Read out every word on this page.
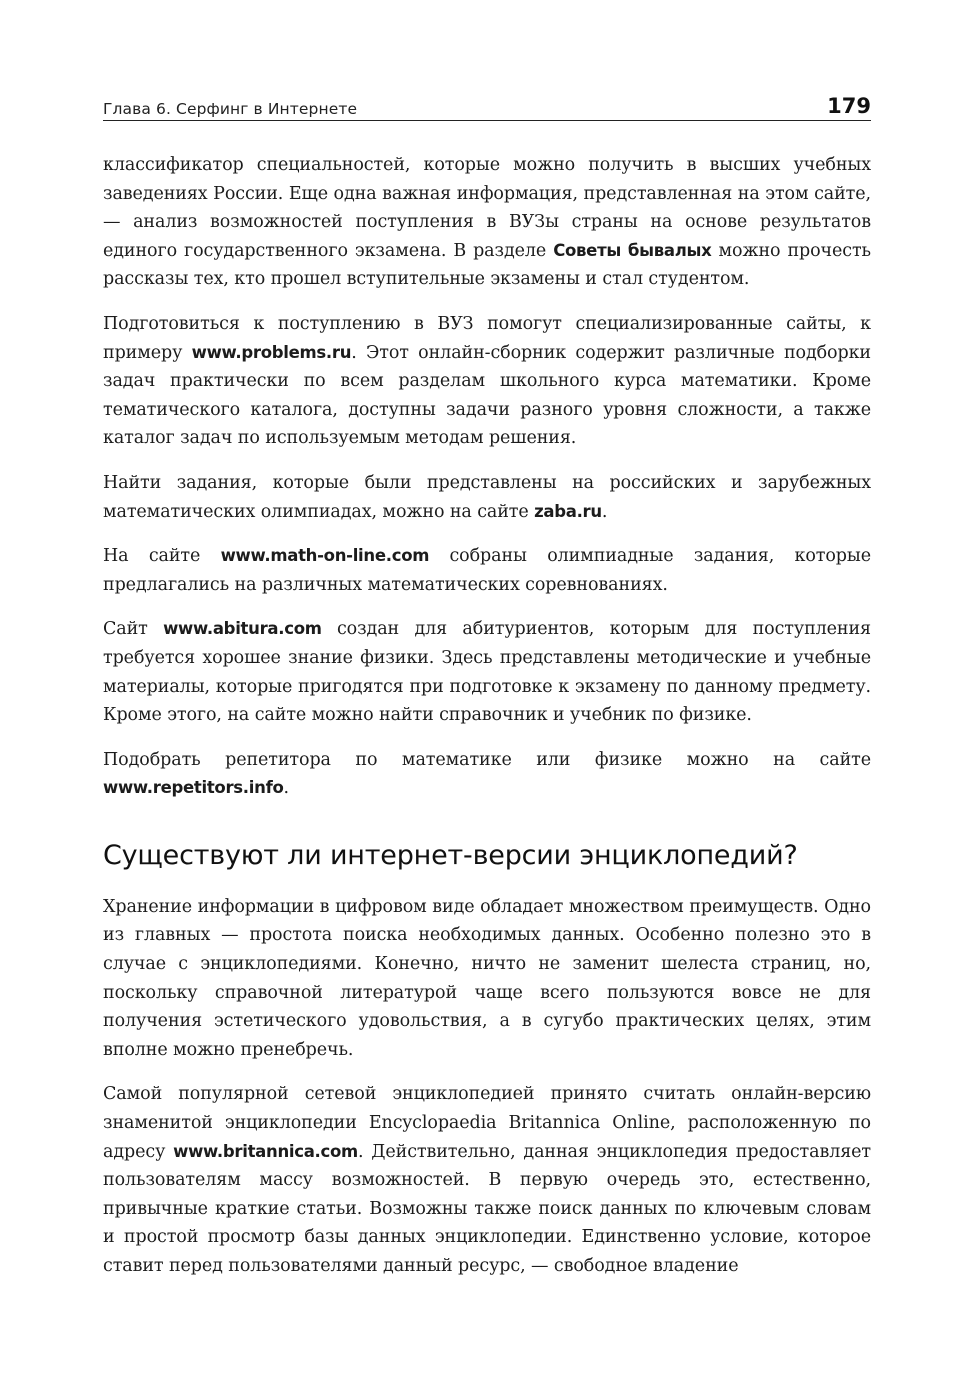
Глава 6. Серфинг в Интернете	179

классификатор специальностей, которые можно получить в высших учебных заведениях России. Еще одна важная информация, представленная на этом сайте, — анализ возможностей поступления в ВУЗы страны на основе результатов единого государственного экзамена. В разделе Советы бывалых можно прочесть рассказы тех, кто прошел вступительные экзамены и стал студентом.

Подготовиться к поступлению в ВУЗ помогут специализированные сайты, к примеру www.problems.ru. Этот онлайн-сборник содержит различные подборки задач практически по всем разделам школьного курса математики. Кроме тематического каталога, доступны задачи разного уровня сложности, а также каталог задач по используемым методам решения.

Найти задания, которые были представлены на российских и зарубежных математических олимпиадах, можно на сайте zaba.ru.

На сайте www.math-on-line.com собраны олимпиадные задания, которые предлагались на различных математических соревнованиях.

Сайт www.abitura.com создан для абитуриентов, которым для поступления требуется хорошее знание физики. Здесь представлены методические и учебные материалы, которые пригодятся при подготовке к экзамену по данному предмету. Кроме этого, на сайте можно найти справочник и учебник по физике.

Подобрать репетитора по математике или физике можно на сайте www.repetitors.info.

Существуют ли интернет-версии энциклопедий?

Хранение информации в цифровом виде обладает множеством преимуществ. Одно из главных — простота поиска необходимых данных. Особенно полезно это в случае с энциклопедиями. Конечно, ничто не заменит шелеста страниц, но, поскольку справочной литературой чаще всего пользуются вовсе не для получения эстетического удовольствия, а в сугубо практических целях, этим вполне можно пренебречь.

Самой популярной сетевой энциклопедией принято считать онлайн-версию знаменитой энциклопедии Encyclopaedia Britannica Online, расположенную по адресу www.britannica.com. Действительно, данная энциклопедия предоставляет пользователям массу возможностей. В первую очередь это, естественно, привычные краткие статьи. Возможны также поиск данных по ключевым словам и простой просмотр базы данных энциклопедии. Единственно условие, которое ставит перед пользователями данный ресурс, — свободное владение
